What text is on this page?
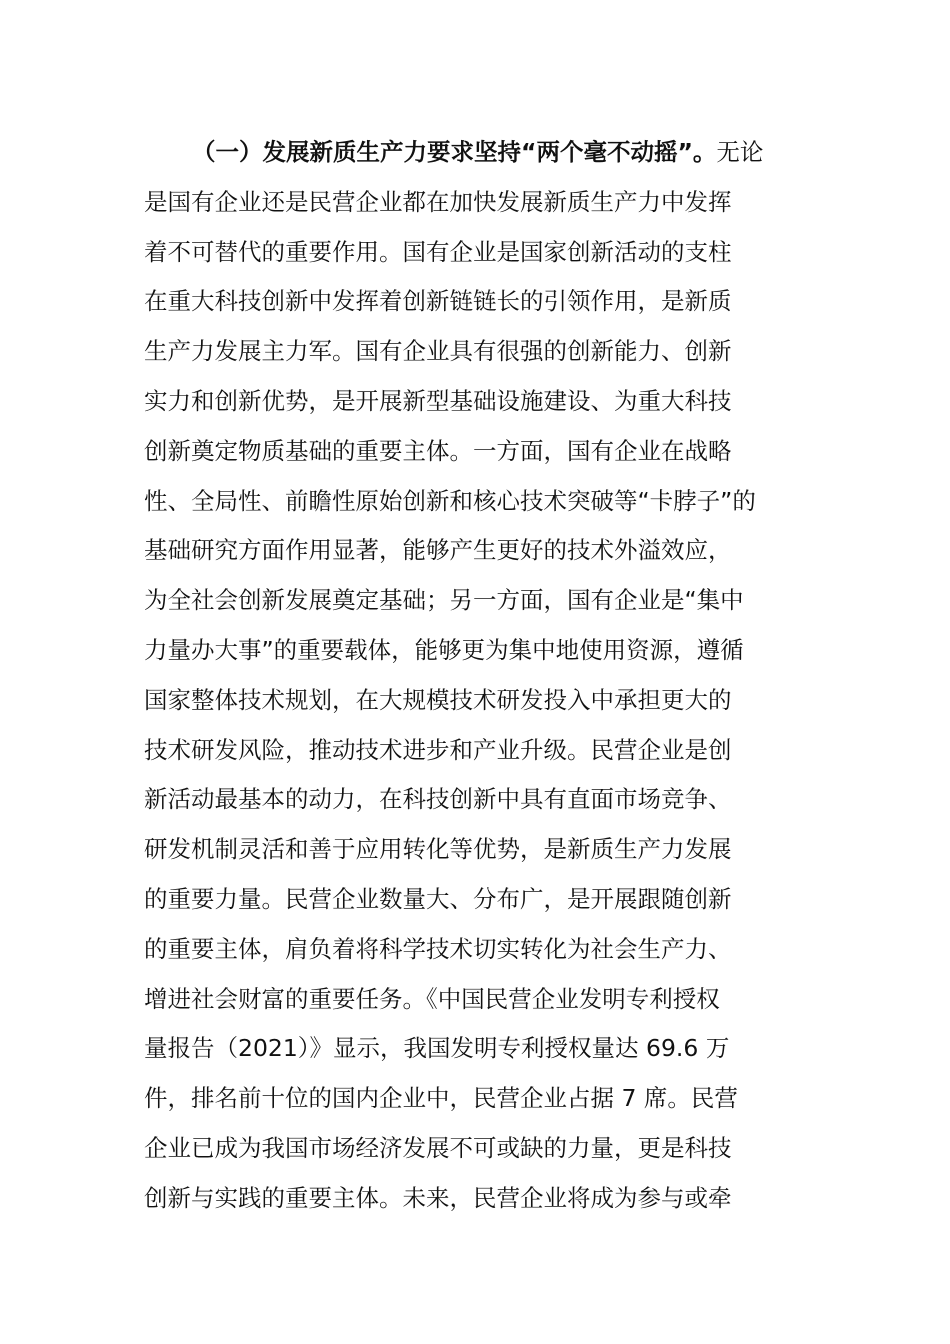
（一）发展新质生产力要求坚持“两个毫不动摇”。无论
是国有企业还是民营企业都在加快发展新质生产力中发挥
着不可替代的重要作用。国有企业是国家创新活动的支柱
在重大科技创新中发挥着创新链链长的引领作用，是新质
生产力发展主力军。国有企业具有很强的创新能力、创新
实力和创新优势，是开展新型基础设施建设、为重大科技
创新奠定物质基础的重要主体。一方面，国有企业在战略
性、全局性、前瞻性原始创新和核心技术突破等“卡脖子”的
基础研究方面作用显著，能够产生更好的技术外溢效应，
为全社会创新发展奠定基础；另一方面，国有企业是“集中
力量办大事”的重要载体，能够更为集中地使用资源，遵循
国家整体技术规划，在大规模技术研发投入中承担更大的
技术研发风险，推动技术进步和产业升级。民营企业是创
新活动最基本的动力，在科技创新中具有直面市场竞争、
研发机制灵活和善于应用转化等优势，是新质生产力发展
的重要力量。民营企业数量大、分布广，是开展跟随创新
的重要主体，肩负着将科学技术切实转化为社会生产力、
增进社会财富的重要任务。《中国民营企业发明专利授权
量报告（2021）》显示，我国发明专利授权量达 69.6 万
件，排名前十位的国内企业中，民营企业占据 7 席。民营
企业已成为我国市场经济发展不可或缺的力量，更是科技
创新与实践的重要主体。未来，民营企业将成为参与或牵
